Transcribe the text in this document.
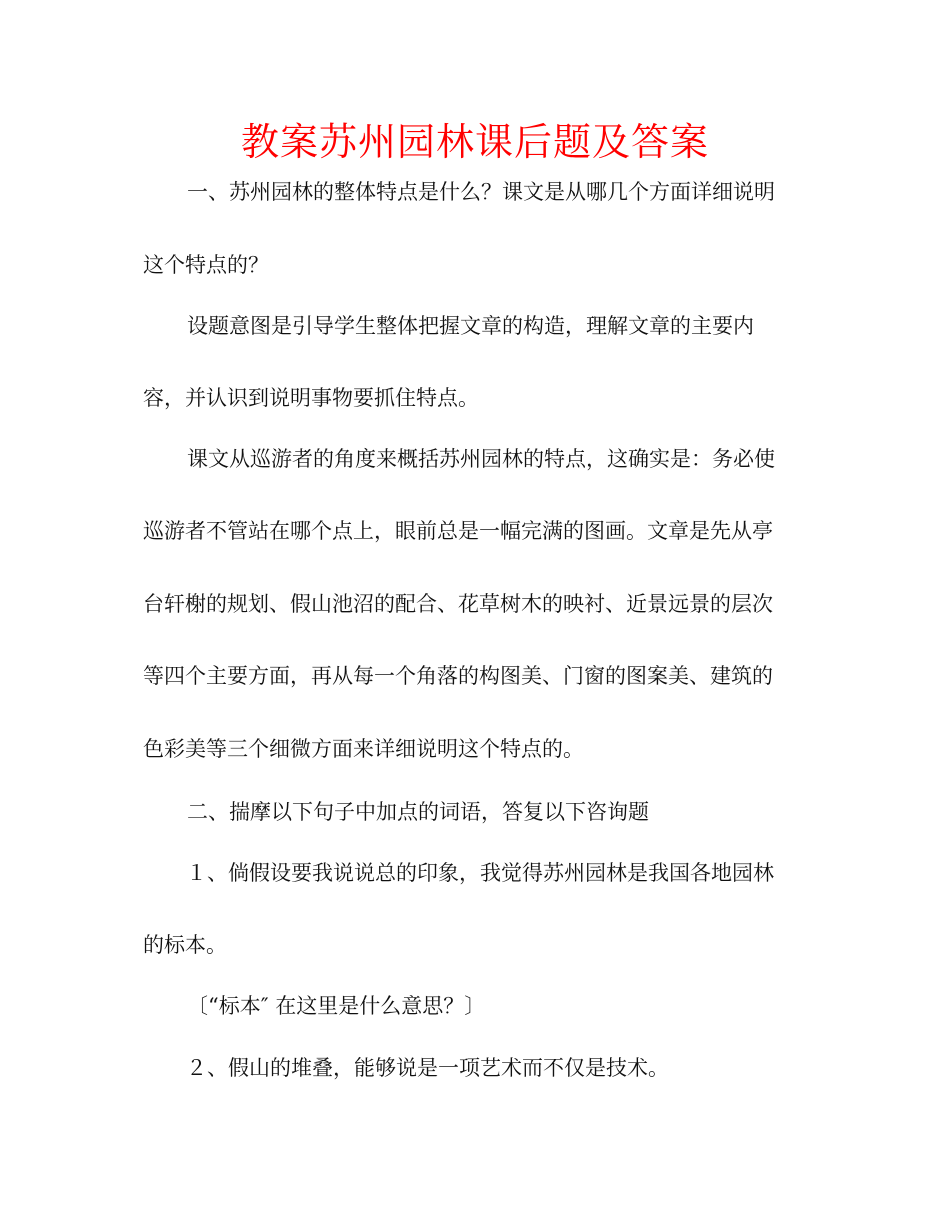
教案苏州园林课后题及答案
一、苏州园林的整体特点是什么？课文是从哪几个方面详细说明
这个特点的？
设题意图是引导学生整体把握文章的构造，理解文章的主要内
容，并认识到说明事物要抓住特点。
课文从巡游者的角度来概括苏州园林的特点，这确实是：务必使
巡游者不管站在哪个点上，眼前总是一幅完满的图画。文章是先从亭
台轩榭的规划、假山池沼的配合、花草树木的映衬、近景远景的层次
等四个主要方面，再从每一个角落的构图美、门窗的图案美、建筑的
色彩美等三个细微方面来详细说明这个特点的。
二、揣摩以下句子中加点的词语，答复以下咨询题
１、倘假设要我说说总的印象，我觉得苏州园林是我国各地园林
的标本。
〔“标本″ 在这里是什么意思？〕
２、假山的堆叠，能够说是一项艺术而不仅是技术。
